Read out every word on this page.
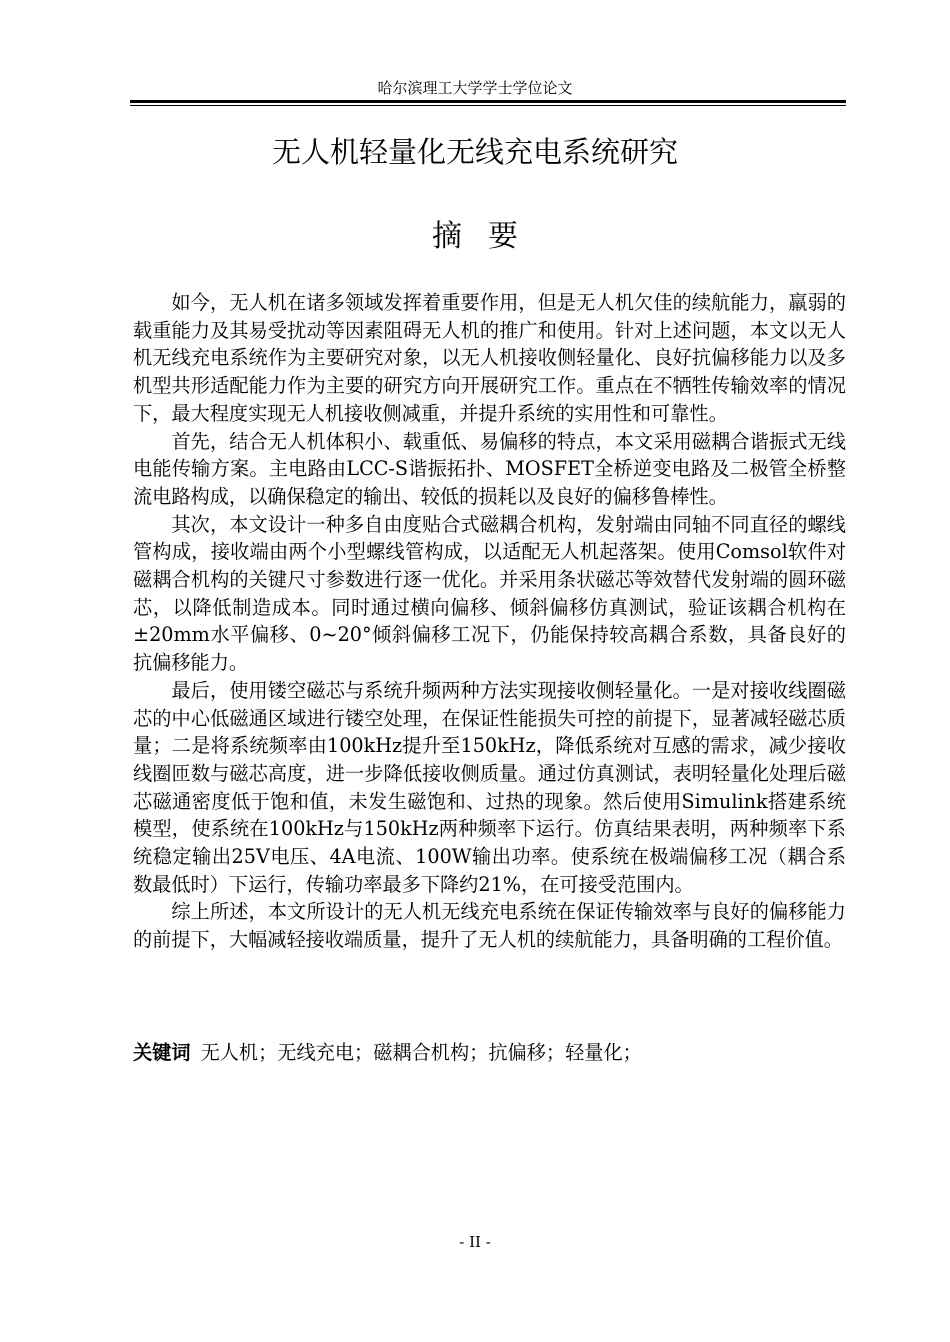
哈尔滨理工大学学士学位论文
无人机轻量化无线充电系统研究
摘要

如今，无人机在诸多领域发挥着重要作用，但是无人机欠佳的续航能力，羸弱的载重能力及其易受扰动等因素阻碍无人机的推广和使用。针对上述问题，本文以无人机无线充电系统作为主要研究对象，以无人机接收侧轻量化、良好抗偏移能力以及多机型共形适配能力作为主要的研究方向开展研究工作。重点在不牺牲传输效率的情况下，最大程度实现无人机接收侧减重，并提升系统的实用性和可靠性。

首先，结合无人机体积小、载重低、易偏移的特点，本文采用磁耦合谐振式无线电能传输方案。主电路由LCC-S谐振拓扑、MOSFET全桥逆变电路及二极管全桥整流电路构成，以确保稳定的输出、较低的损耗以及良好的偏移鲁棒性。

其次，本文设计一种多自由度贴合式磁耦合机构，发射端由同轴不同直径的螺线管构成，接收端由两个小型螺线管构成，以适配无人机起落架。使用Comsol软件对磁耦合机构的关键尺寸参数进行逐一优化。并采用条状磁芯等效替代发射端的圆环磁芯，以降低制造成本。同时通过横向偏移、倾斜偏移仿真测试，验证该耦合机构在±20mm水平偏移、0~20°倾斜偏移工况下，仍能保持较高耦合系数，具备良好的抗偏移能力。

最后，使用镂空磁芯与系统升频两种方法实现接收侧轻量化。一是对接收线圈磁芯的中心低磁通区域进行镂空处理，在保证性能损失可控的前提下，显著减轻磁芯质量；二是将系统频率由100kHz提升至150kHz，降低系统对互感的需求，减少接收线圈匝数与磁芯高度，进一步降低接收侧质量。通过仿真测试，表明轻量化处理后磁芯磁通密度低于饱和值，未发生磁饱和、过热的现象。然后使用Simulink搭建系统模型，使系统在100kHz与150kHz两种频率下运行。仿真结果表明，两种频率下系统稳定输出25V电压、4A电流、100W输出功率。使系统在极端偏移工况（耦合系数最低时）下运行，传输功率最多下降约21%，在可接受范围内。

综上所述，本文所设计的无人机无线充电系统在保证传输效率与良好的偏移能力的前提下，大幅减轻接收端质量，提升了无人机的续航能力，具备明确的工程价值。

关键词 无人机；无线充电；磁耦合机构；抗偏移；轻量化；
- II -
